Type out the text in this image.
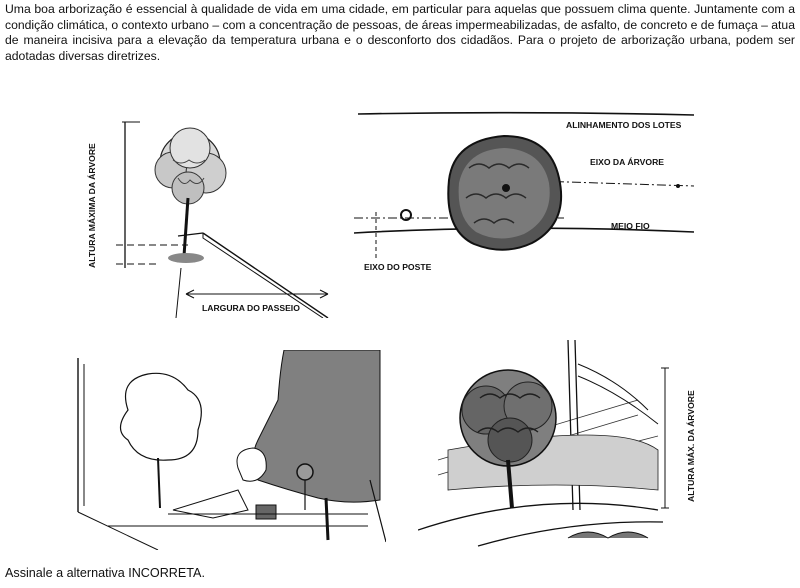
Uma boa arborização é essencial à qualidade de vida em uma cidade, em particular para aquelas que possuem clima quente. Juntamente com a condição climática, o contexto urbano – com a concentração de pessoas, de áreas impermeabilizadas, de asfalto, de concreto e de fumaça – atua de maneira incisiva para a elevação da temperatura urbana e o desconforto dos cidadãos. Para o projeto de arborização urbana, podem ser adotadas diversas diretrizes.

ALTURA MÁXIMA DA ÁRVORE
LARGURA DO PASSEIO
ALINHAMENTO DOS LOTES
EIXO DA ÁRVORE
MEIO FIO
EIXO DO POSTE
ALTURA MÁX. DA ÁRVORE

Assinale a alternativa INCORRETA.
